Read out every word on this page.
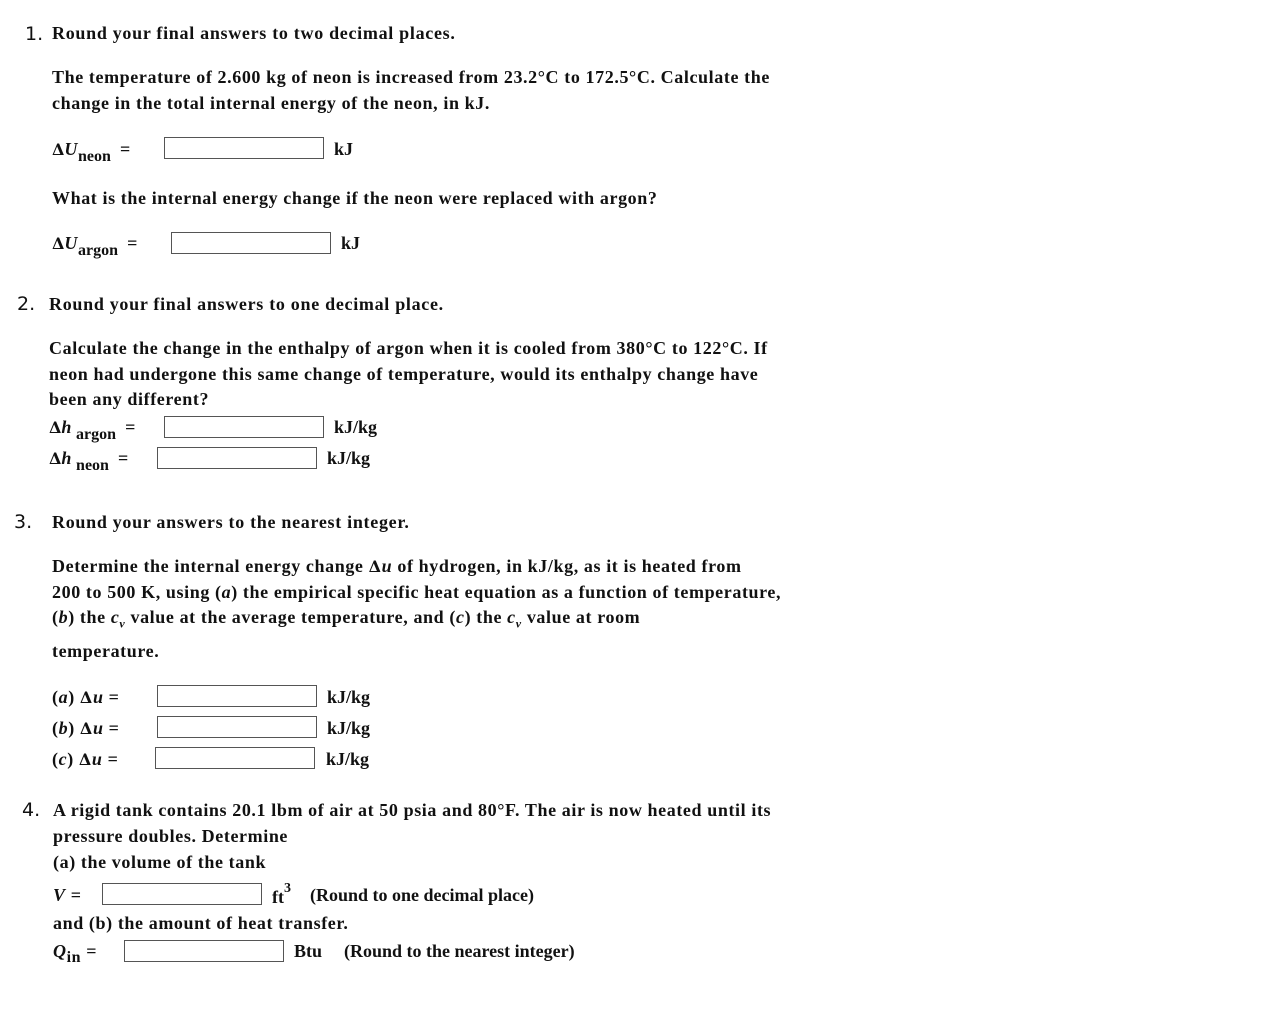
1. Round your final answers to two decimal places.
The temperature of 2.600 kg of neon is increased from 23.2°C to 172.5°C. Calculate the
change in the total internal energy of the neon, in kJ.
ΔUneon  =	kJ
What is the internal energy change if the neon were replaced with argon?
ΔUargon  =	kJ
2. Round your final answers to one decimal place.
Calculate the change in the enthalpy of argon when it is cooled from 380°C to 122°C. If
neon had undergone this same change of temperature, would its enthalpy change have
been any different?
Δh argon  =	kJ/kg
Δh neon  =	kJ/kg
3. Round your answers to the nearest integer.
Determine the internal energy change Δu of hydrogen, in kJ/kg, as it is heated from
200 to 500 K, using (a) the empirical specific heat equation as a function of temperature,
(b) the $c_v$ value at the average temperature, and (c) the $c_v$ value at room
temperature.
(a) Δu =	kJ/kg
(b) Δu =	kJ/kg
(c) Δu =	kJ/kg
4. A rigid tank contains 20.1 lbm of air at 50 psia and 80°F. The air is now heated until its
pressure doubles. Determine
(a) the volume of the tank
V =	$ft^3$ (Round to one decimal place)
and (b) the amount of heat transfer.
Qin =	Btu (Round to the nearest integer)
